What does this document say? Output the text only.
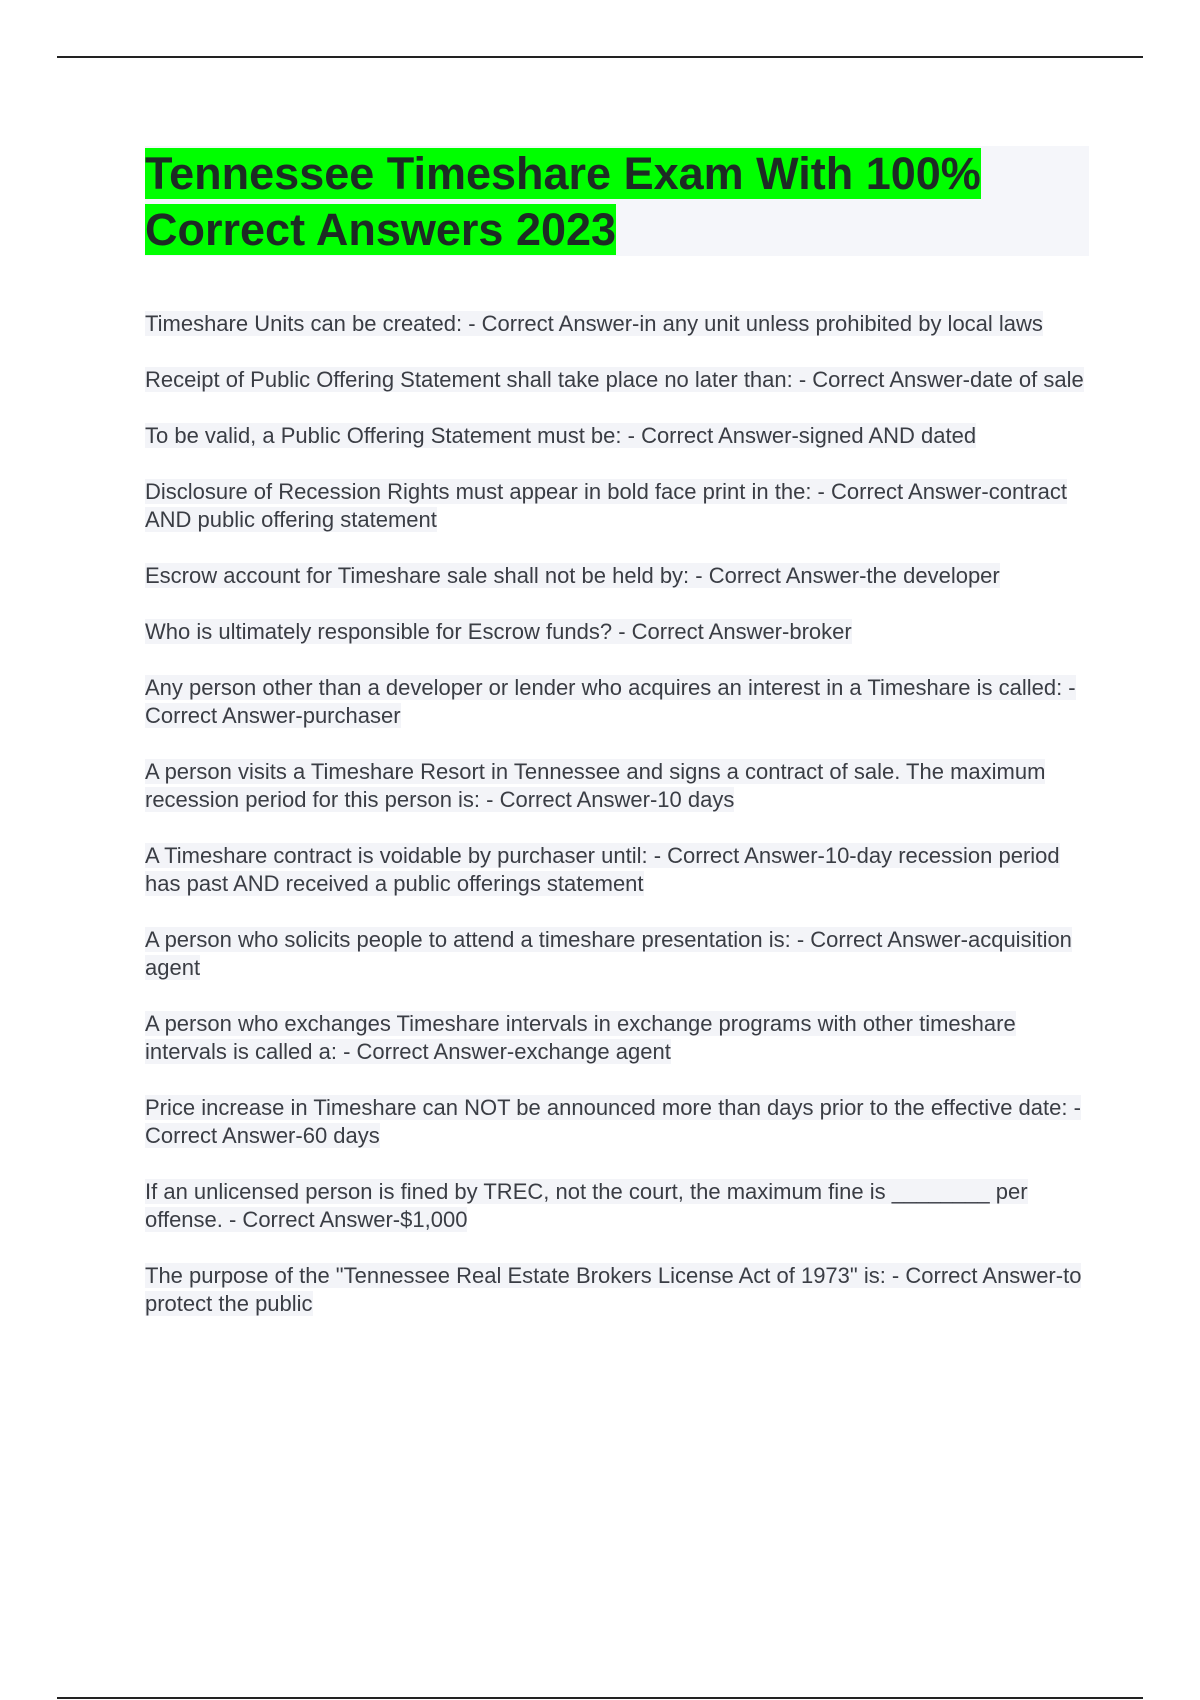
Tennessee Timeshare Exam With 100%
Correct Answers 2023

Timeshare Units can be created: - Correct Answer-in any unit unless prohibited by local laws

Receipt of Public Offering Statement shall take place no later than: - Correct Answer-date of sale

To be valid, a Public Offering Statement must be: - Correct Answer-signed AND dated

Disclosure of Recession Rights must appear in bold face print in the: - Correct Answer-contract AND public offering statement

Escrow account for Timeshare sale shall not be held by: - Correct Answer-the developer

Who is ultimately responsible for Escrow funds? - Correct Answer-broker

Any person other than a developer or lender who acquires an interest in a Timeshare is called: - Correct Answer-purchaser

A person visits a Timeshare Resort in Tennessee and signs a contract of sale. The maximum recession period for this person is: - Correct Answer-10 days

A Timeshare contract is voidable by purchaser until: - Correct Answer-10-day recession period has past AND received a public offerings statement

A person who solicits people to attend a timeshare presentation is: - Correct Answer-acquisition agent

A person who exchanges Timeshare intervals in exchange programs with other timeshare intervals is called a: - Correct Answer-exchange agent

Price increase in Timeshare can NOT be announced more than days prior to the effective date: - Correct Answer-60 days

If an unlicensed person is fined by TREC, not the court, the maximum fine is ________ per offense. - Correct Answer-$1,000

The purpose of the "Tennessee Real Estate Brokers License Act of 1973" is: - Correct Answer-to protect the public
